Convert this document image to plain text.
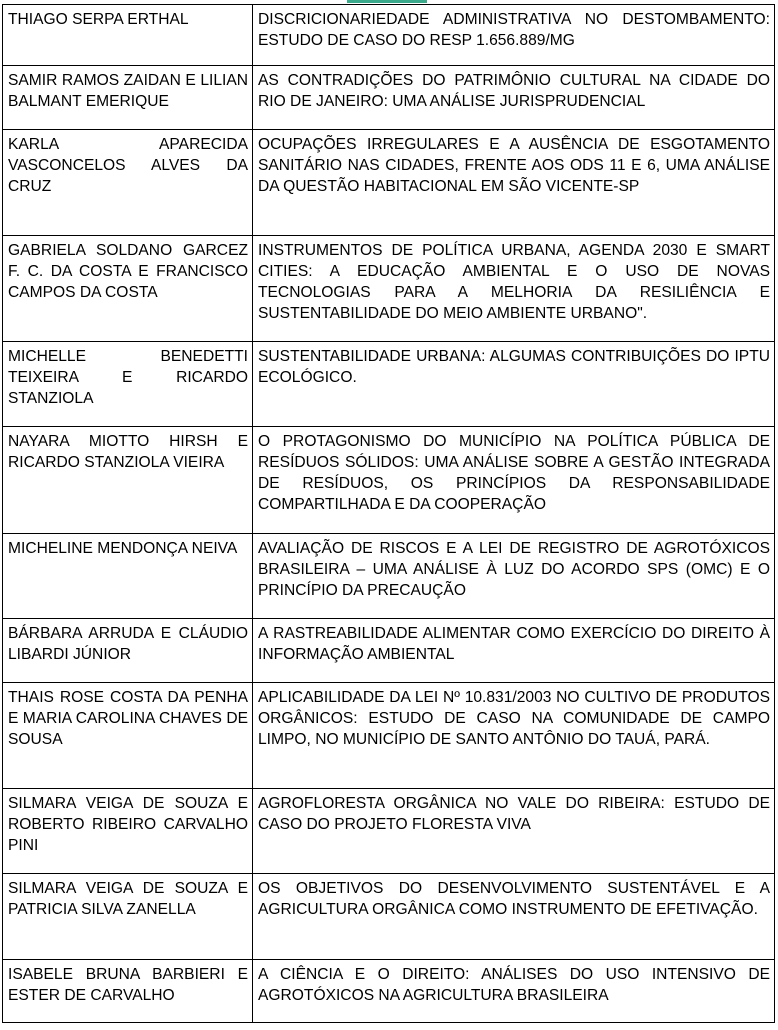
THIAGO SERPA ERTHAL	DISCRICIONARIEDADE ADMINISTRATIVA NO DESTOMBAMENTO: ESTUDO DE CASO DO RESP 1.656.889/MG
SAMIR RAMOS ZAIDAN E LILIAN BALMANT EMERIQUE	AS CONTRADIÇÕES DO PATRIMÔNIO CULTURAL NA CIDADE DO RIO DE JANEIRO: UMA ANÁLISE JURISPRUDENCIAL
KARLA APARECIDA VASCONCELOS ALVES DA CRUZ	OCUPAÇÕES IRREGULARES E A AUSÊNCIA DE ESGOTAMENTO SANITÁRIO NAS CIDADES, FRENTE AOS ODS 11 E 6, UMA ANÁLISE DA QUESTÃO HABITACIONAL EM SÃO VICENTE-SP
GABRIELA SOLDANO GARCEZ F. C. DA COSTA E FRANCISCO CAMPOS DA COSTA	INSTRUMENTOS DE POLÍTICA URBANA, AGENDA 2030 E SMART CITIES: A EDUCAÇÃO AMBIENTAL E O USO DE NOVAS TECNOLOGIAS PARA A MELHORIA DA RESILIÊNCIA E SUSTENTABILIDADE DO MEIO AMBIENTE URBANO".
MICHELLE BENEDETTI TEIXEIRA E RICARDO STANZIOLA	SUSTENTABILIDADE URBANA: ALGUMAS CONTRIBUIÇÕES DO IPTU ECOLÓGICO.
NAYARA MIOTTO HIRSH E RICARDO STANZIOLA VIEIRA	O PROTAGONISMO DO MUNICÍPIO NA POLÍTICA PÚBLICA DE RESÍDUOS SÓLIDOS: UMA ANÁLISE SOBRE A GESTÃO INTEGRADA DE RESÍDUOS, OS PRINCÍPIOS DA RESPONSABILIDADE COMPARTILHADA E DA COOPERAÇÃO
MICHELINE MENDONÇA NEIVA	AVALIAÇÃO DE RISCOS E A LEI DE REGISTRO DE AGROTÓXICOS BRASILEIRA – UMA ANÁLISE À LUZ DO ACORDO SPS (OMC) E O PRINCÍPIO DA PRECAUÇÃO
BÁRBARA ARRUDA E CLÁUDIO LIBARDI JÚNIOR	A RASTREABILIDADE ALIMENTAR COMO EXERCÍCIO DO DIREITO À INFORMAÇÃO AMBIENTAL
THAIS ROSE COSTA DA PENHA E MARIA CAROLINA CHAVES DE SOUSA	APLICABILIDADE DA LEI Nº 10.831/2003 NO CULTIVO DE PRODUTOS ORGÂNICOS: ESTUDO DE CASO NA COMUNIDADE DE CAMPO LIMPO, NO MUNICÍPIO DE SANTO ANTÔNIO DO TAUÁ, PARÁ.
SILMARA VEIGA DE SOUZA E ROBERTO RIBEIRO CARVALHO PINI	AGROFLORESTA ORGÂNICA NO VALE DO RIBEIRA: ESTUDO DE CASO DO PROJETO FLORESTA VIVA
SILMARA VEIGA DE SOUZA E PATRICIA SILVA ZANELLA	OS OBJETIVOS DO DESENVOLVIMENTO SUSTENTÁVEL E A AGRICULTURA ORGÂNICA COMO INSTRUMENTO DE EFETIVAÇÃO.
ISABELE BRUNA BARBIERI E ESTER DE CARVALHO	A CIÊNCIA E O DIREITO: ANÁLISES DO USO INTENSIVO DE AGROTÓXICOS NA AGRICULTURA BRASILEIRA
